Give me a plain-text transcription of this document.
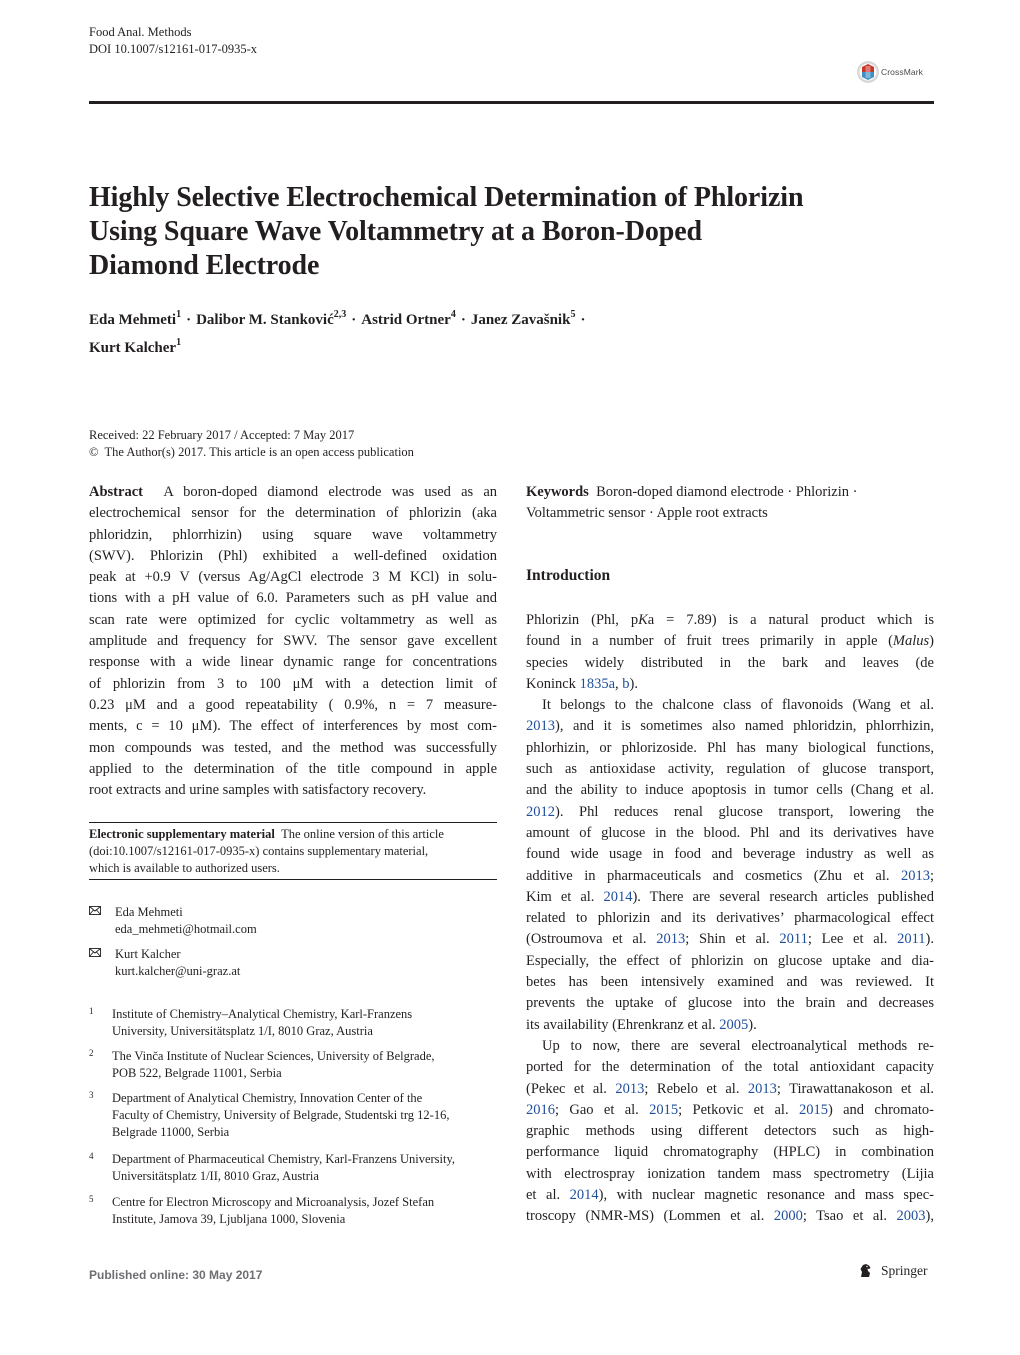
Food Anal. Methods
DOI 10.1007/s12161-017-0935-x
CrossMark
Highly Selective Electrochemical Determination of Phlorizin
Using Square Wave Voltammetry at a Boron-Doped
Diamond Electrode
Eda Mehmeti$^1$ · Dalibor M. Stanković$^{2,3}$ · Astrid Ortner$^4$ · Janez Zavašnik$^5$ ·
Kurt Kalcher$^1$
Received: 22 February 2017 / Accepted: 7 May 2017
© The Author(s) 2017. This article is an open access publication
Abstract A boron-doped diamond electrode was used as an
electrochemical sensor for the determination of phlorizin (aka
phloridzin, phlorrhizin) using square wave voltammetry
(SWV). Phlorizin (Phl) exhibited a well-defined oxidation
peak at +0.9 V (versus Ag/AgCl electrode 3 M KCl) in solu-
tions with a pH value of 6.0. Parameters such as pH value and
scan rate were optimized for cyclic voltammetry as well as
amplitude and frequency for SWV. The sensor gave excellent
response with a wide linear dynamic range for concentrations
of phlorizin from 3 to 100 μM with a detection limit of
0.23 μM and a good repeatability ( 0.9%, n = 7 measure-
ments, c = 10 μM). The effect of interferences by most com-
mon compounds was tested, and the method was successfully
applied to the determination of the title compound in apple
root extracts and urine samples with satisfactory recovery.
Electronic supplementary material The online version of this article
(doi:10.1007/s12161-017-0935-x) contains supplementary material,
which is available to authorized users.
Eda Mehmeti
eda_mehmeti@hotmail.com
Kurt Kalcher
kurt.kalcher@uni-graz.at
1 Institute of Chemistry–Analytical Chemistry, Karl-Franzens
University, Universitätsplatz 1/I, 8010 Graz, Austria
2 The Vinča Institute of Nuclear Sciences, University of Belgrade,
POB 522, Belgrade 11001, Serbia
3 Department of Analytical Chemistry, Innovation Center of the
Faculty of Chemistry, University of Belgrade, Studentski trg 12-16,
Belgrade 11000, Serbia
4 Department of Pharmaceutical Chemistry, Karl-Franzens University,
Universitätsplatz 1/II, 8010 Graz, Austria
5 Centre for Electron Microscopy and Microanalysis, Jozef Stefan
Institute, Jamova 39, Ljubljana 1000, Slovenia
Keywords Boron-doped diamond electrode · Phlorizin ·
Voltammetric sensor · Apple root extracts
Introduction
Phlorizin (Phl, pKa = 7.89) is a natural product which is
found in a number of fruit trees primarily in apple (Malus)
species widely distributed in the bark and leaves (de
Koninck 1835a, b).
It belongs to the chalcone class of flavonoids (Wang et al.
2013), and it is sometimes also named phloridzin, phlorrhizin,
phlorhizin, or phlorizoside. Phl has many biological functions,
such as antioxidase activity, regulation of glucose transport,
and the ability to induce apoptosis in tumor cells (Chang et al.
2012). Phl reduces renal glucose transport, lowering the
amount of glucose in the blood. Phl and its derivatives have
found wide usage in food and beverage industry as well as
additive in pharmaceuticals and cosmetics (Zhu et al. 2013;
Kim et al. 2014). There are several research articles published
related to phlorizin and its derivatives’ pharmacological effect
(Ostroumova et al. 2013; Shin et al. 2011; Lee et al. 2011).
Especially, the effect of phlorizin on glucose uptake and dia-
betes has been intensively examined and was reviewed. It
prevents the uptake of glucose into the brain and decreases
its availability (Ehrenkranz et al. 2005).
Up to now, there are several electroanalytical methods re-
ported for the determination of the total antioxidant capacity
(Pekec et al. 2013; Rebelo et al. 2013; Tirawattanakoson et al.
2016; Gao et al. 2015; Petkovic et al. 2015) and chromato-
graphic methods using different detectors such as high-
performance liquid chromatography (HPLC) in combination
with electrospray ionization tandem mass spectrometry (Lijia
et al. 2014), with nuclear magnetic resonance and mass spec-
troscopy (NMR-MS) (Lommen et al. 2000; Tsao et al. 2003),
Published online: 30 May 2017	Springer
